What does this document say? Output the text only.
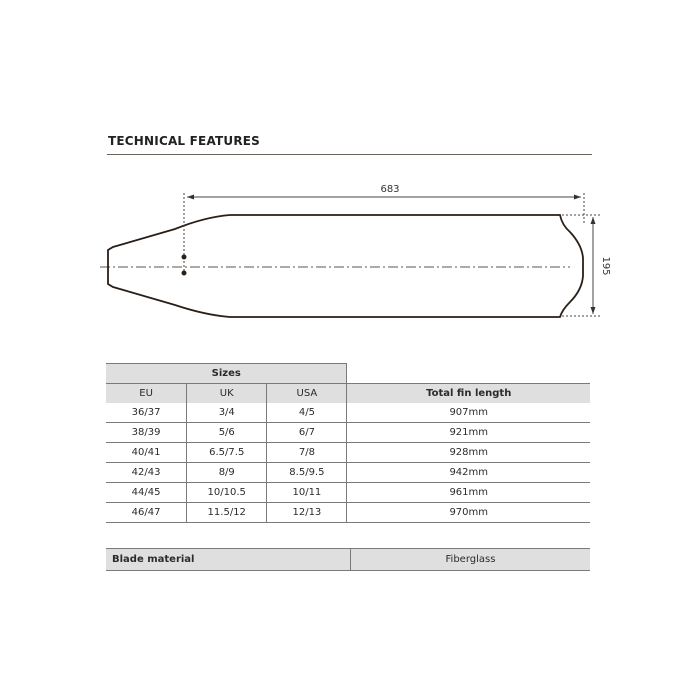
TECHNICAL FEATURES
683
195
Sizes			
EU	UK	USA	Total fin length
36/37	3/4	4/5	907mm
38/39	5/6	6/7	921mm
40/41	6.5/7.5	7/8	928mm
42/43	8/9	8.5/9.5	942mm
44/45	10/10.5	10/11	961mm
46/47	11.5/12	12/13	970mm
Blade material	Fiberglass
